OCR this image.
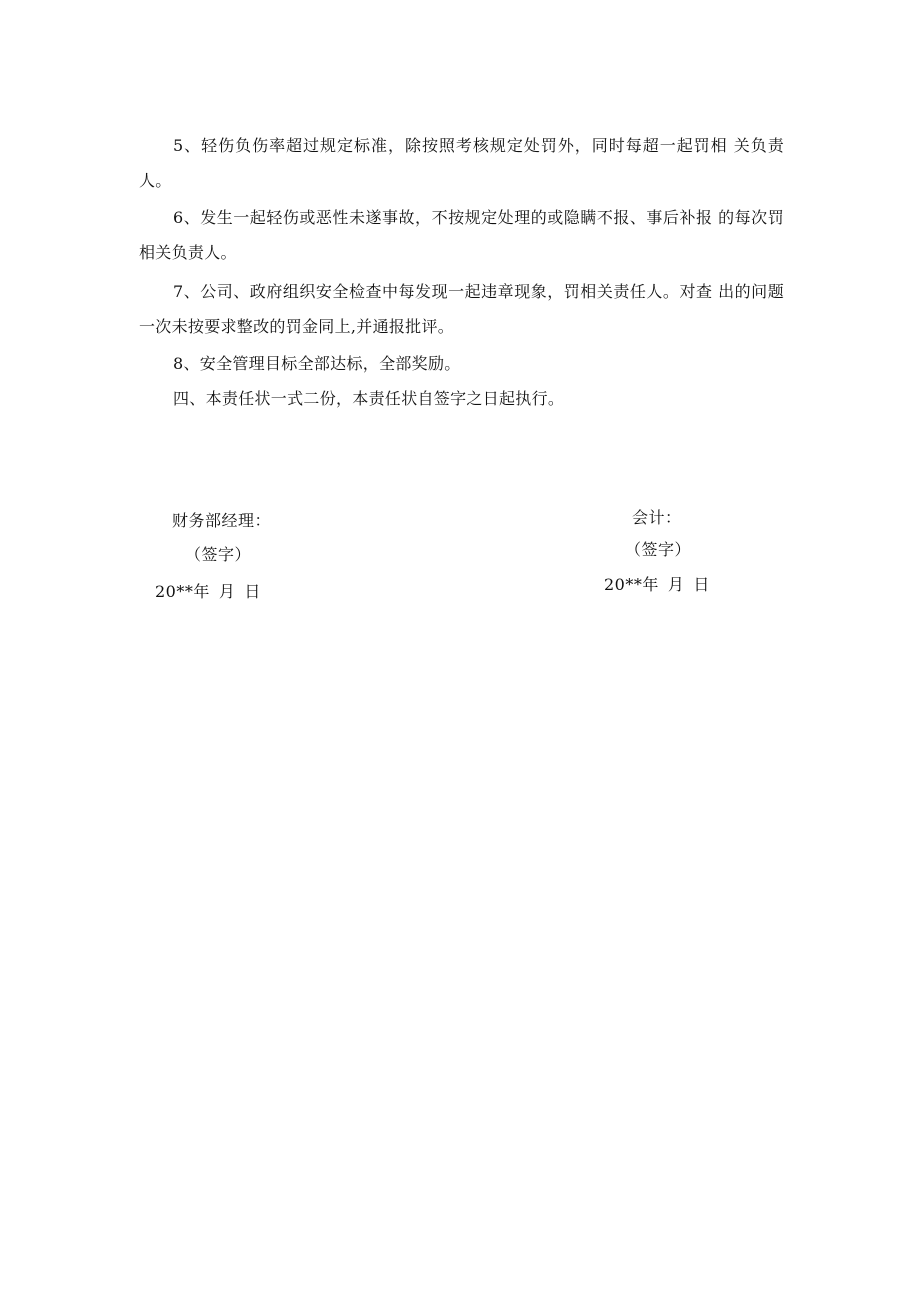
5、轻伤负伤率超过规定标准，除按照考核规定处罚外，同时每超一起罚相 关负责人。

6、发生一起轻伤或恶性未遂事故，不按规定处理的或隐瞒不报、事后补报 的每次罚相关负责人。

7、公司、政府组织安全检查中每发现一起违章现象，罚相关责任人。对查 出的问题一次未按要求整改的罚金同上,并通报批评。

8、安全管理目标全部达标，全部奖励。

四、本责任状一式二份，本责任状自签字之日起执行。

财务部经理：
（签字）
20**年 月 日
会计：
（签字）
20**年 月 日
